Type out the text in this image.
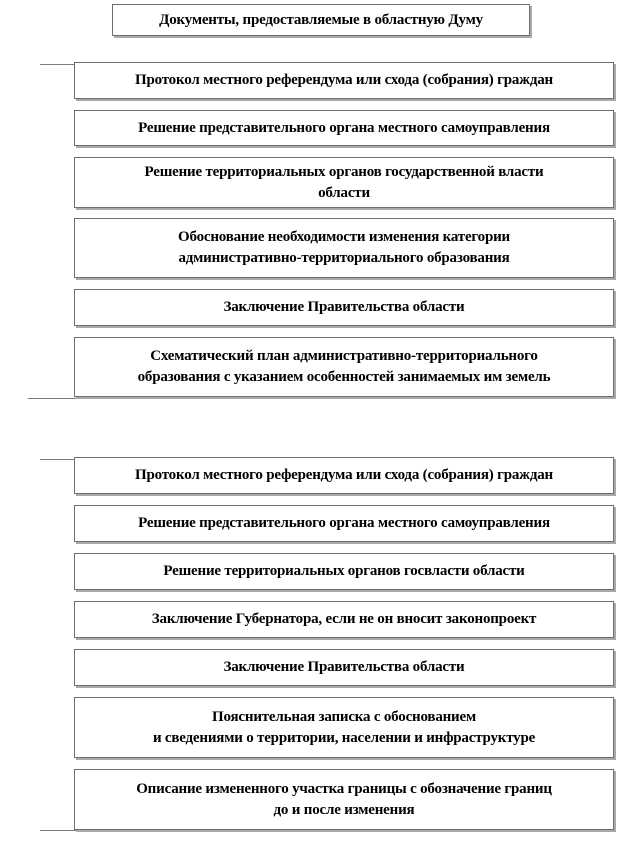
Документы, предоставляемые в областную Думу
Протокол местного референдума или схода (собрания) граждан
Решение представительного органа местного самоуправления
Решение территориальных органов государственной власти
области
Обоснование необходимости изменения категории
административно-территориального образования
Заключение Правительства области
Схематический план административно-территориального
образования с указанием особенностей занимаемых им земель
Протокол местного референдума или схода (собрания) граждан
Решение представительного органа местного самоуправления
Решение территориальных органов госвласти области
Заключение Губернатора, если не он вносит законопроект
Заключение Правительства области
Пояснительная записка с обоснованием
и сведениями о территории, населении и инфраструктуре
Описание измененного участка границы с обозначение границ
до и после изменения
